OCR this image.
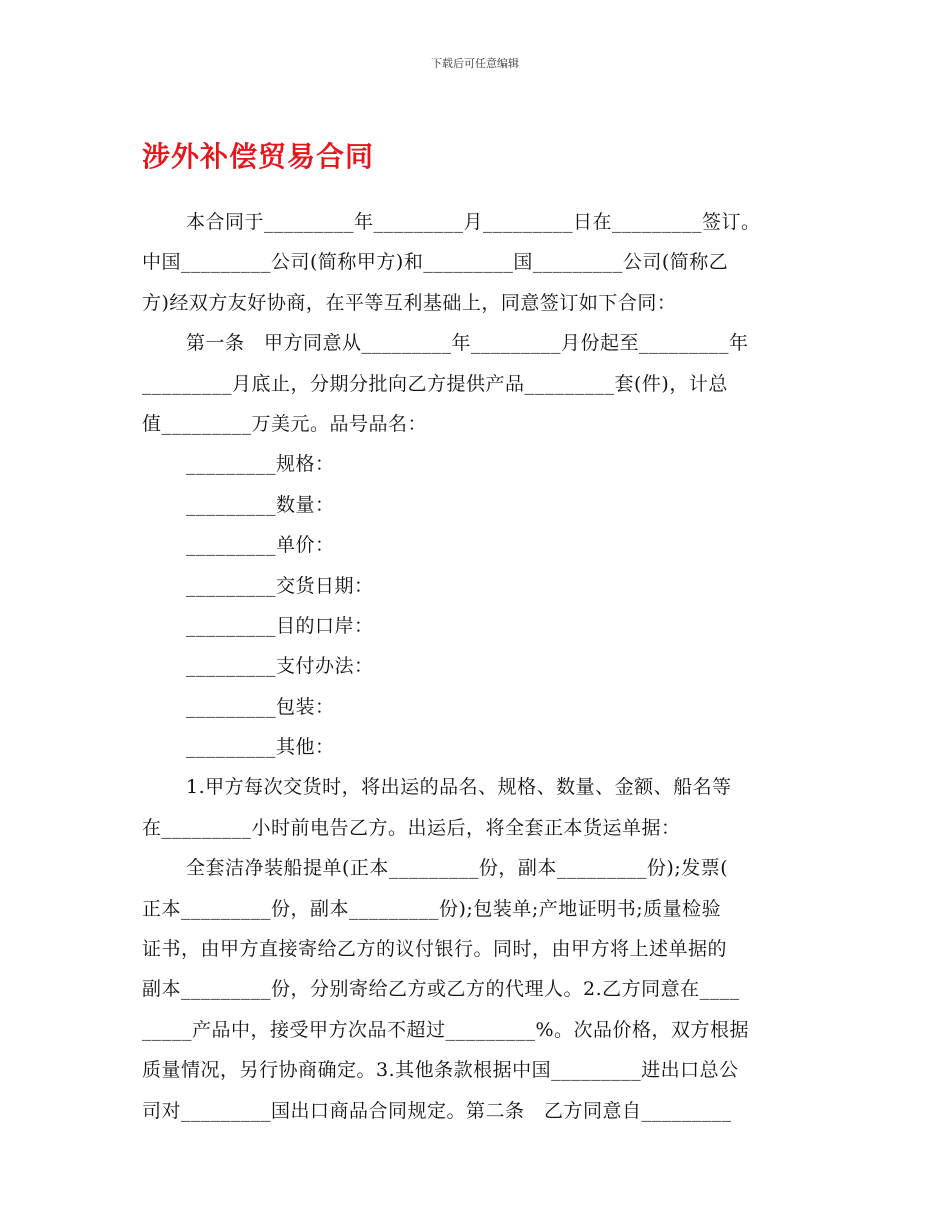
下载后可任意编辑
涉外补偿贸易合同
本合同于_________年_________月_________日在_________签订。
中国_________公司(简称甲方)和_________国_________公司(简称乙
方)经双方友好协商，在平等互利基础上，同意签订如下合同：
第一条　甲方同意从_________年_________月份起至_________年
_________月底止，分期分批向乙方提供产品_________套(件)，计总
值_________万美元。品号品名：
_________规格：
_________数量：
_________单价：
_________交货日期：
_________目的口岸：
_________支付办法：
_________包装：
_________其他：
1.甲方每次交货时，将出运的品名、规格、数量、金额、船名等
在_________小时前电告乙方。出运后，将全套正本货运单据：
全套洁净装船提单(正本_________份，副本_________份);发票(
正本_________份，副本_________份);包装单;产地证明书;质量检验
证书，由甲方直接寄给乙方的议付银行。同时，由甲方将上述单据的
副本_________份，分别寄给乙方或乙方的代理人。2.乙方同意在____
_____产品中，接受甲方次品不超过_________%。次品价格，双方根据
质量情况，另行协商确定。3.其他条款根据中国_________进出口总公
司对_________国出口商品合同规定。第二条　乙方同意自_________
